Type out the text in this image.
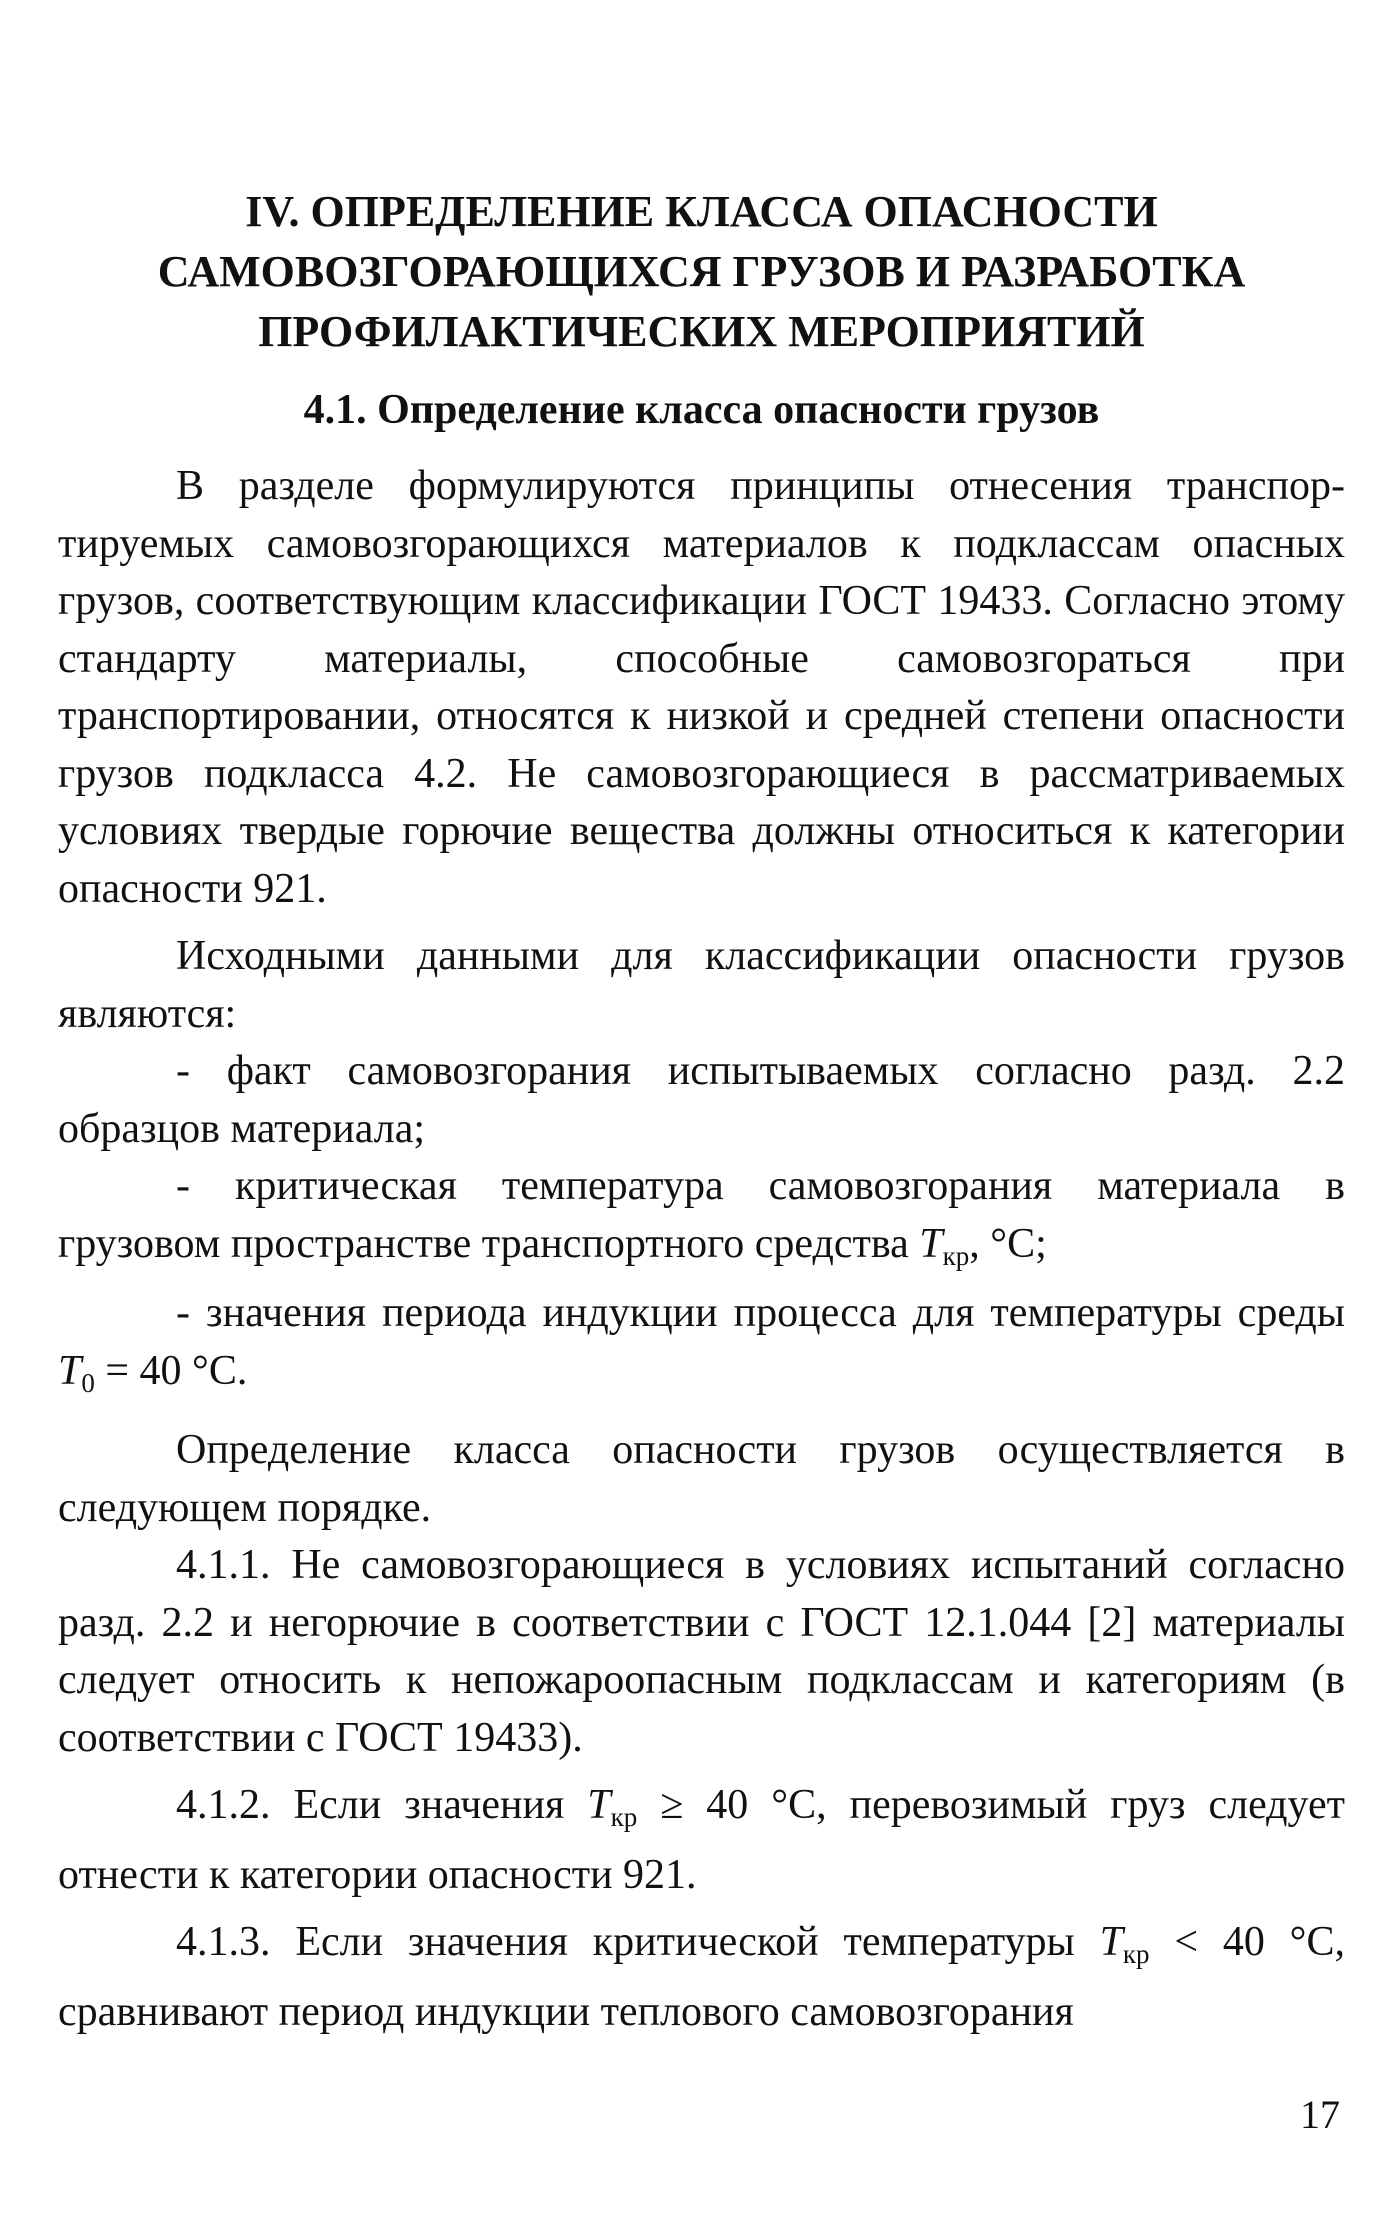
IV. ОПРЕДЕЛЕНИЕ КЛАССА ОПАСНОСТИ
САМОВОЗГОРАЮЩИХСЯ ГРУЗОВ И РАЗРАБОТКА
ПРОФИЛАКТИЧЕСКИХ МЕРОПРИЯТИЙ
4.1. Определение класса опасности грузов

В разделе формулируются принципы отнесения транспортируемых самовозгорающихся материалов к подклассам опасных грузов, соответствующим классификации ГОСТ 19433. Согласно этому стандарту материалы, способные самовозгораться при транспортировании, относятся к низкой и средней степени опасности грузов подкласса 4.2. Не самовозгорающиеся в рассматриваемых условиях твердые горючие вещества должны относиться к категории опасности 921.

Исходными данными для классификации опасности грузов являются:

- факт самовозгорания испытываемых согласно разд. 2.2 образцов материала;

- критическая температура самовозгорания материала в грузовом пространстве транспортного средства $T_{кр}$, °С;

- значения периода индукции процесса для температуры среды $T_0 = 40$ °С.

Определение класса опасности грузов осуществляется в следующем порядке.

4.1.1. Не самовозгорающиеся в условиях испытаний согласно разд. 2.2 и негорючие в соответствии с ГОСТ 12.1.044 [2] материалы следует относить к непожароопасным подклассам и категориям (в соответствии с ГОСТ 19433).

4.1.2. Если значения $T_{кр} \ge 40$ °С, перевозимый груз следует отнести к категории опасности 921.

4.1.3. Если значения критической температуры $T_{кр} < 40$ °С, сравнивают период индукции теплового самовозгорания

17
